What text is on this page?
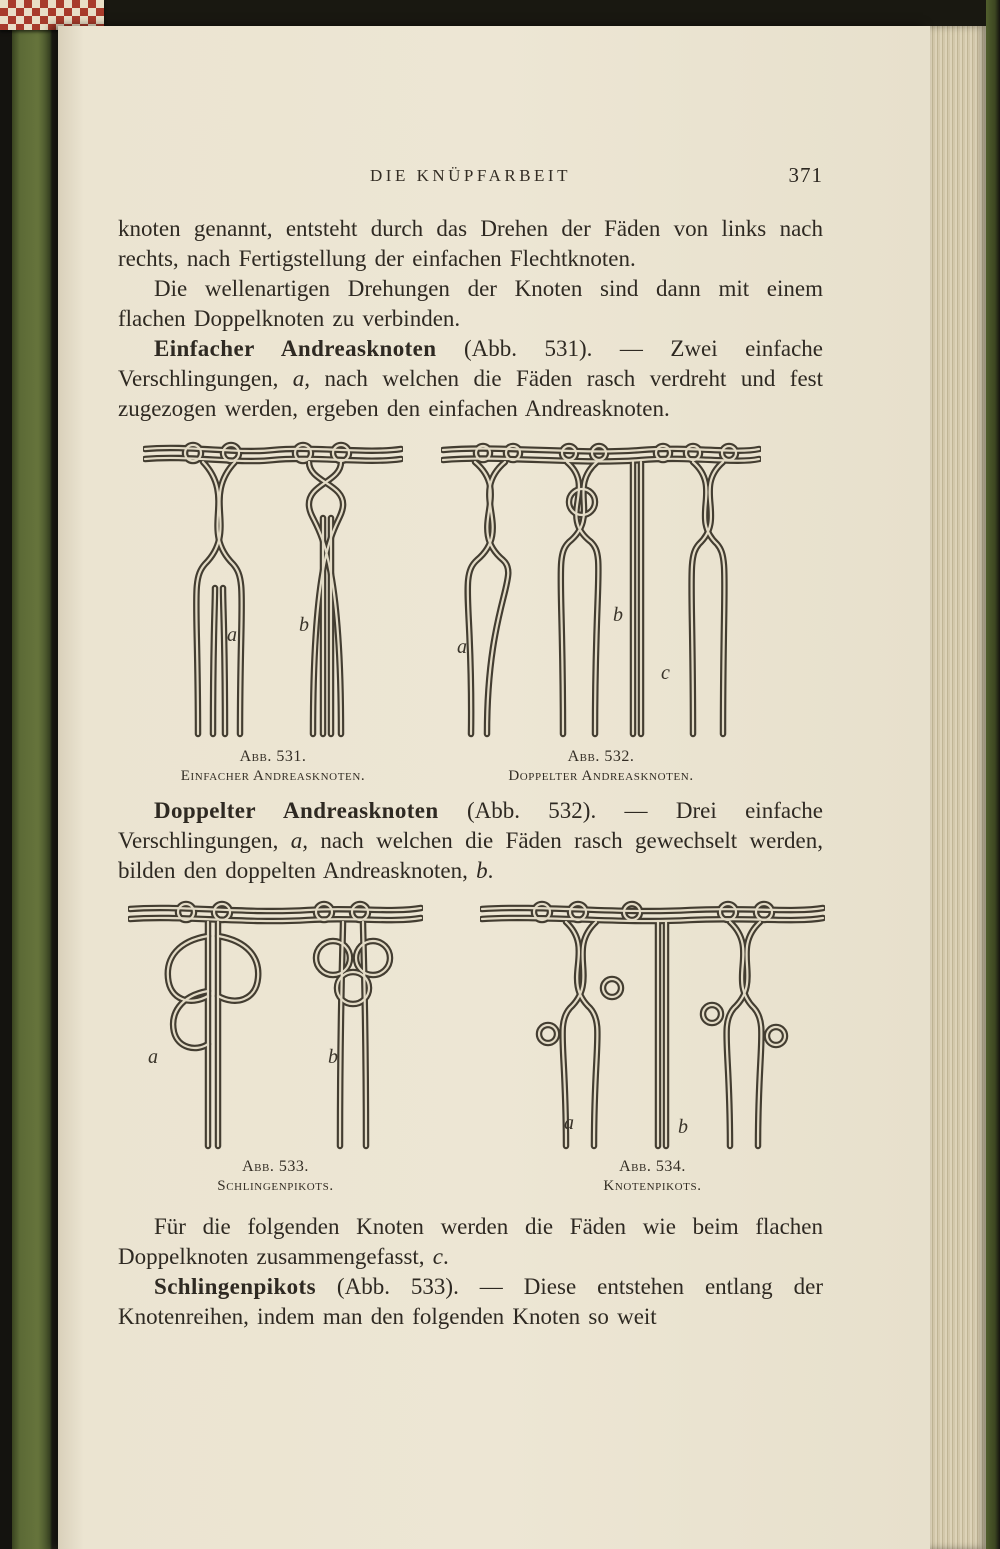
DIE KNÜPFARBEIT	371

knoten genannt, entsteht durch das Drehen der Fäden von links nach rechts, nach Fertigstellung der einfachen Flechtknoten.

Die wellenartigen Drehungen der Knoten sind dann mit einem flachen Doppelknoten zu verbinden.

Einfacher Andreasknoten (Abb. 531). — Zwei einfache Verschlingungen, a, nach welchen die Fäden rasch verdreht und fest zugezogen werden, ergeben den einfachen Andreasknoten.

a	b
Abb. 531.
Einfacher Andreasknoten.
b
a
c
Abb. 532.
Doppelter Andreasknoten.

Doppelter Andreasknoten (Abb. 532). — Drei einfache Verschlingungen, a, nach welchen die Fäden rasch gewechselt werden, bilden den doppelten Andreasknoten, b.

a	b
Abb. 533.
Schlingenpikots.
a	b
Abb. 534.
Knotenpikots.

Für die folgenden Knoten werden die Fäden wie beim flachen Doppelknoten zusammengefasst, c.

Schlingenpikots (Abb. 533). — Diese entstehen entlang der Knotenreihen, indem man den folgenden Knoten so weit
